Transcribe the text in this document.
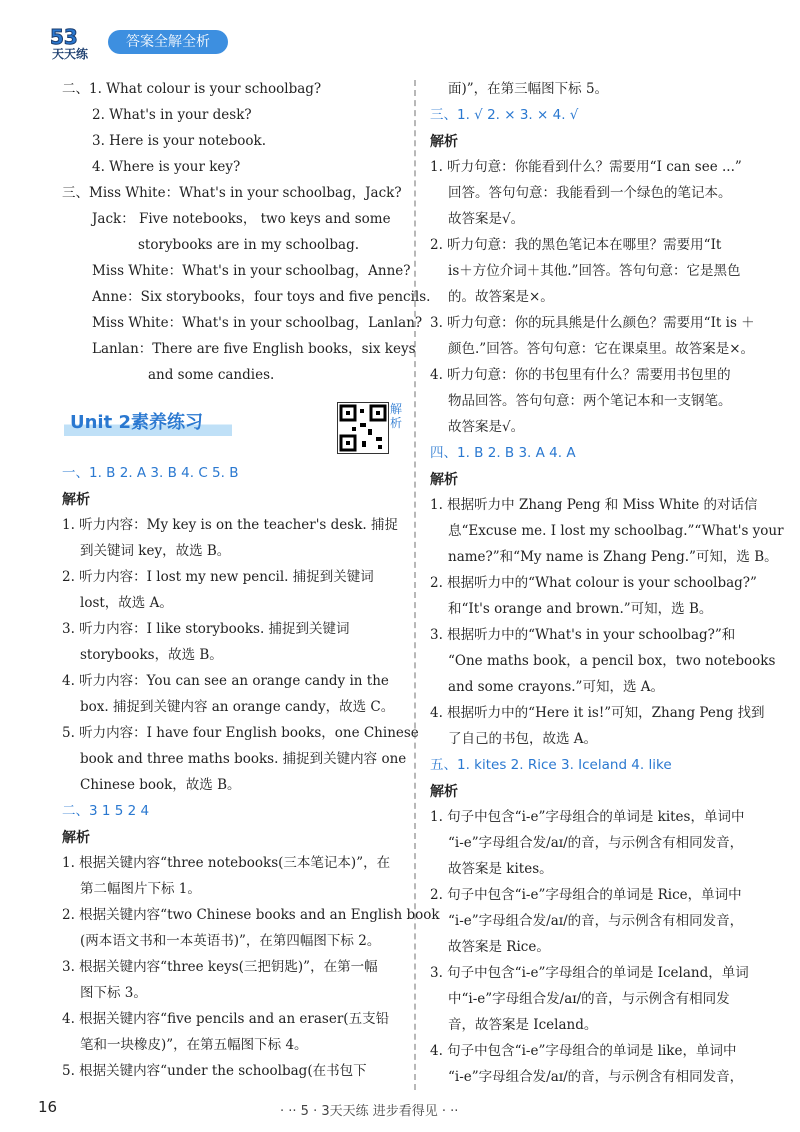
53
天天练
答案全解全析
二、1. What colour is your schoolbag?
2. What's in your desk?
3. Here is your notebook.
4. Where is your key?
三、Miss White：What's in your schoolbag，Jack?
Jack： Five notebooks， two keys and some
storybooks are in my schoolbag.
Miss White：What's in your schoolbag，Anne?
Anne：Six storybooks，four toys and five pencils.
Miss White：What's in your schoolbag，Lanlan?
Lanlan：There are five English books，six keys
and some candies.
Unit 2素养练习
解析
一、1. B 2. A 3. B 4. C 5. B
解析
1. 听力内容：My key is on the teacher's desk. 捕捉
到关键词 key，故选 B。
2. 听力内容：I lost my new pencil. 捕捉到关键词
lost，故选 A。
3. 听力内容：I like storybooks. 捕捉到关键词
storybooks，故选 B。
4. 听力内容：You can see an orange candy in the
box. 捕捉到关键内容 an orange candy，故选 C。
5. 听力内容：I have four English books，one Chinese
book and three maths books. 捕捉到关键内容 one
Chinese book，故选 B。
二、3 1 5 2 4
解析
1. 根据关键内容“three notebooks(三本笔记本)”，在
第二幅图片下标 1。
2. 根据关键内容“two Chinese books and an English book
(两本语文书和一本英语书)”，在第四幅图下标 2。
3. 根据关键内容“three keys(三把钥匙)”，在第一幅
图下标 3。
4. 根据关键内容“five pencils and an eraser(五支铅
笔和一块橡皮)”，在第五幅图下标 4。
5. 根据关键内容“under the schoolbag(在书包下
面)”，在第三幅图下标 5。
三、1. √ 2. × 3. × 4. √
解析
1. 听力句意：你能看到什么？需要用“I can see ...”
回答。答句句意：我能看到一个绿色的笔记本。
故答案是√。
2. 听力句意：我的黑色笔记本在哪里？需要用“It
is＋方位介词＋其他.”回答。答句句意：它是黑色
的。故答案是×。
3. 听力句意：你的玩具熊是什么颜色？需要用“It is ＋
颜色.”回答。答句句意：它在课桌里。故答案是×。
4. 听力句意：你的书包里有什么？需要用书包里的
物品回答。答句句意：两个笔记本和一支钢笔。
故答案是√。
四、1. B 2. B 3. A 4. A
解析
1. 根据听力中 Zhang Peng 和 Miss White 的对话信
息“Excuse me. I lost my schoolbag.”“What's your
name?”和“My name is Zhang Peng.”可知，选 B。
2. 根据听力中的“What colour is your schoolbag?”
和“It's orange and brown.”可知，选 B。
3. 根据听力中的“What's in your schoolbag?”和
“One maths book，a pencil box，two notebooks
and some crayons.”可知，选 A。
4. 根据听力中的“Here it is!”可知，Zhang Peng 找到
了自己的书包，故选 A。
五、1. kites 2. Rice 3. Iceland 4. like
解析
1. 句子中包含“i-e”字母组合的单词是 kites，单词中
“i-e”字母组合发/aɪ/的音，与示例含有相同发音，
故答案是 kites。
2. 句子中包含“i-e”字母组合的单词是 Rice，单词中
“i-e”字母组合发/aɪ/的音，与示例含有相同发音，
故答案是 Rice。
3. 句子中包含“i-e”字母组合的单词是 Iceland，单词
中“i-e”字母组合发/aɪ/的音，与示例含有相同发
音，故答案是 Iceland。
4. 句子中包含“i-e”字母组合的单词是 like，单词中
“i-e”字母组合发/aɪ/的音，与示例含有相同发音，
16	· ·· 5 · 3天天练 进步看得见 · ··
